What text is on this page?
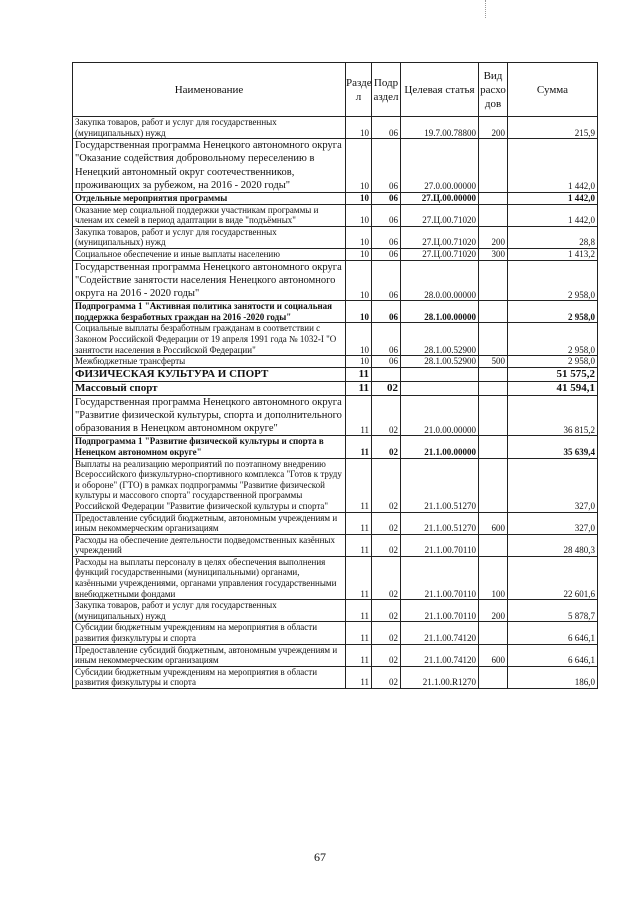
Наименование	Разде л	Подр аздел	Целевая статья	Вид расхо дов	Сумма
Закупка товаров, работ и услуг для государственных (муниципальных) нужд	10	06	19.7.00.78800	200	215,9
Государственная программа Ненецкого автономного округа "Оказание содействия добровольному переселению в Ненецкий автономный округ соотечественников, проживающих за рубежом, на 2016 - 2020 годы"	10	06	27.0.00.00000		1 442,0
Отдельные мероприятия программы	10	06	27.Ц.00.00000		1 442,0
Оказание мер социальной поддержки участникам программы и членам их семей в период адаптации в виде "подъёмных"	10	06	27.Ц.00.71020		1 442,0
Закупка товаров, работ и услуг для государственных (муниципальных) нужд	10	06	27.Ц.00.71020	200	28,8
Социальное обеспечение и иные выплаты населению	10	06	27.Ц.00.71020	300	1 413,2
Государственная программа Ненецкого автономного округа "Содействие занятости населения Ненецкого автономного округа на 2016 - 2020 годы"	10	06	28.0.00.00000		2 958,0
Подпрограмма 1 "Активная политика занятости и социальная поддержка безработных граждан на 2016 -2020 годы"	10	06	28.1.00.00000		2 958,0
Социальные выплаты безработным гражданам в соответствии с Законом Российской Федерации от 19 апреля 1991 года № 1032-I "О занятости населения в Российской Федерации"	10	06	28.1.00.52900		2 958,0
Межбюджетные трансферты	10	06	28.1.00.52900	500	2 958,0
ФИЗИЧЕСКАЯ КУЛЬТУРА И СПОРТ	11				51 575,2
Массовый спорт	11	02			41 594,1
Государственная программа Ненецкого автономного округа "Развитие физической культуры, спорта и дополнительного образования в Ненецком автономном округе"	11	02	21.0.00.00000		36 815,2
Подпрограмма 1 "Развитие физической культуры и спорта в Ненецком автономном округе"	11	02	21.1.00.00000		35 639,4
Выплаты на реализацию мероприятий по поэтапному внедрению Всероссийского физкультурно-спортивного комплекса "Готов к труду и обороне" (ГТО) в рамках подпрограммы "Развитие физической культуры и массового спорта" государственной программы Российской Федерации "Развитие физической культуры и спорта"	11	02	21.1.00.51270		327,0
Предоставление субсидий бюджетным, автономным учреждениям и иным некоммерческим организациям	11	02	21.1.00.51270	600	327,0
Расходы на обеспечение деятельности подведомственных казённых учреждений	11	02	21.1.00.70110		28 480,3
Расходы на выплаты персоналу в целях обеспечения выполнения функций государственными (муниципальными) органами, казёнными учреждениями, органами управления государственными внебюджетными фондами	11	02	21.1.00.70110	100	22 601,6
Закупка товаров, работ и услуг для государственных (муниципальных) нужд	11	02	21.1.00.70110	200	5 878,7
Субсидии бюджетным учреждениям на мероприятия в области развития физкультуры и спорта	11	02	21.1.00.74120		6 646,1
Предоставление субсидий бюджетным, автономным учреждениям и иным некоммерческим организациям	11	02	21.1.00.74120	600	6 646,1
Субсидии бюджетным учреждениям на мероприятия в области развития физкультуры и спорта	11	02	21.1.00.R1270		186,0
67
